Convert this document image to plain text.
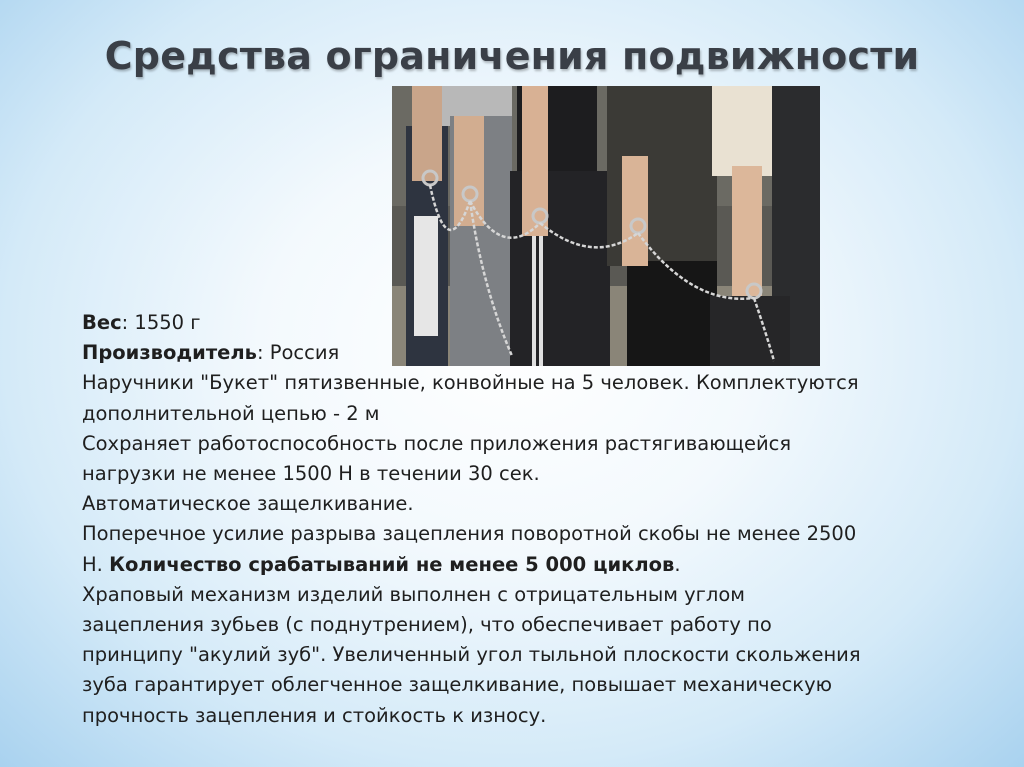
Средства ограничения подвижности

Вес: 1550 г

Производитель: Россия

Наручники "Букет" пятизвенные, конвойные на 5 человек. Комплектуются

дополнительной цепью - 2 м

Сохраняет работоспособность после приложения растягивающейся

нагрузки не менее 1500 Н в течении 30 сек.

Автоматическое защелкивание.

Поперечное усилие разрыва зацепления поворотной скобы не менее 2500

Н. Количество срабатываний не менее 5 000 циклов.

Храповый механизм изделий выполнен с отрицательным углом

зацепления зубьев (с поднутрением), что обеспечивает работу по

принципу "акулий зуб". Увеличенный угол тыльной плоскости скольжения

зуба гарантирует облегченное защелкивание, повышает механическую

прочность зацепления и стойкость к износу.
